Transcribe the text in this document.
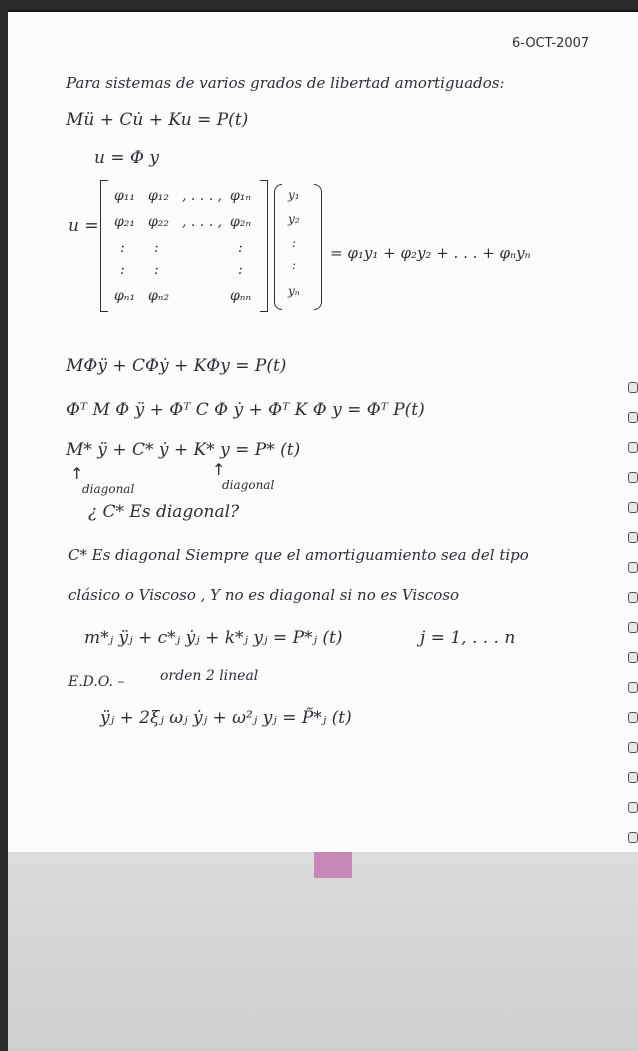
6-OCT-2007
Para sistemas de varios grados de libertad amortiguados:
Mü + Cu̇ + Ku = P(t)
u = Φ y
u =
φ₁₁ φ₁₂ , . . . , φ₁ₙ
φ₂₁ φ₂₂ , . . . , φ₂ₙ
: :	:
: :	:
φₙ₁ φₙ₂	φₙₙ
y₁
y₂
:
:
yₙ
= φ₁y₁ + φ₂y₂ + . . . + φₙyₙ
MΦÿ + CΦẏ + KΦy = P(t)
Φᵀ M Φ ÿ + Φᵀ C Φ ẏ + Φᵀ K Φ y = Φᵀ P(t)
M* ÿ + C* ẏ + K* y = P* (t)
↑
diagonal
↑
diagonal
¿ C* Es diagonal?
C* Es diagonal Siempre que el amortiguamiento sea del tipo
clásico o Viscoso , Y no es diagonal si no es Viscoso
m*ⱼ ÿⱼ + c*ⱼ ẏⱼ + k*ⱼ yⱼ = P*ⱼ (t)	j = 1, . . . n
E.D.O. –	orden 2 lineal
ÿⱼ + 2ξⱼ ωⱼ ẏⱼ + ω²ⱼ yⱼ = P̃*ⱼ (t)
